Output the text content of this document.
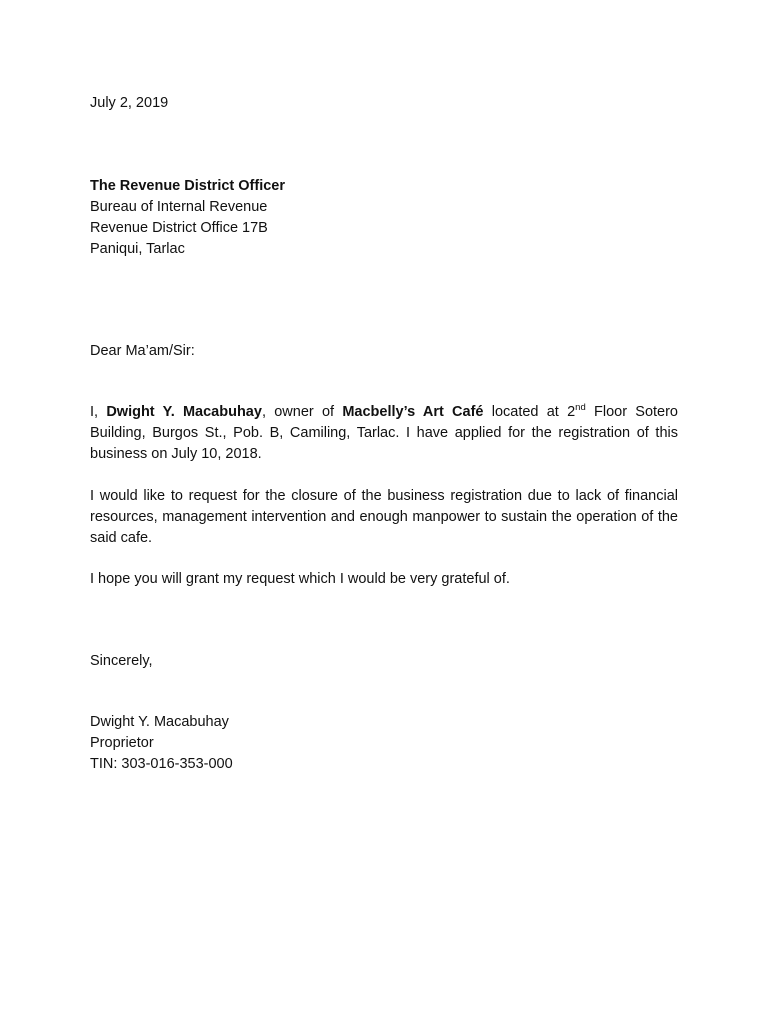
July 2, 2019
The Revenue District Officer
Bureau of Internal Revenue
Revenue District Office 17B
Paniqui, Tarlac
Dear Ma’am/Sir:
I, Dwight Y. Macabuhay, owner of Macbelly’s Art Café located at 2nd Floor Sotero Building, Burgos St., Pob. B, Camiling, Tarlac. I have applied for the registration of this business on July 10, 2018.
I would like to request for the closure of the business registration due to lack of financial resources, management intervention and enough manpower to sustain the operation of the said cafe.
I hope you will grant my request which I would be very grateful of.
Sincerely,
Dwight Y. Macabuhay
Proprietor
TIN: 303-016-353-000
